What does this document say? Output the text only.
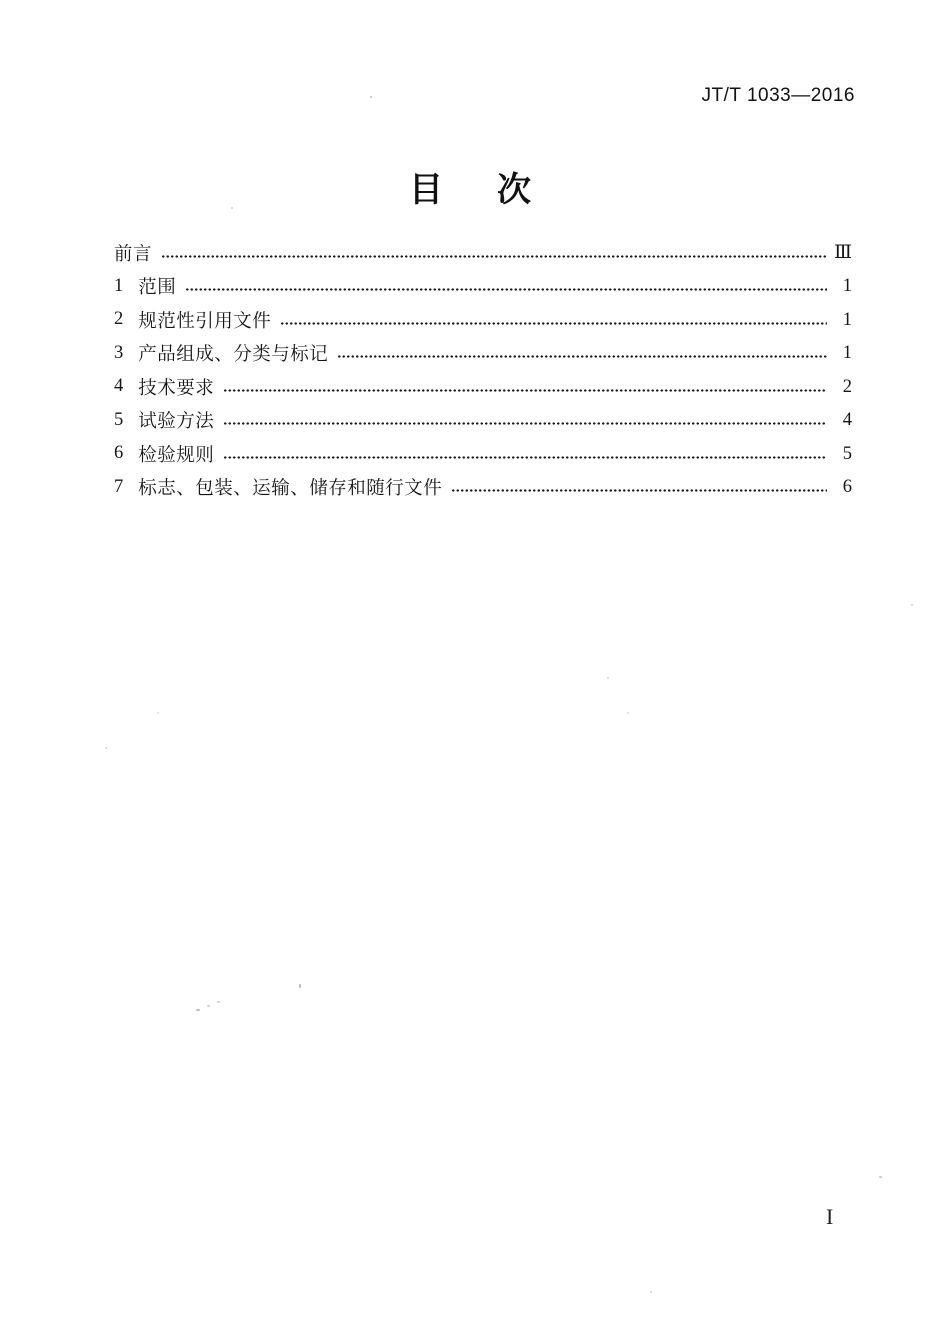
JT/T 1033—2016
目　次
前言	Ⅲ
1 范围	1
2 规范性引用文件	1
3 产品组成、分类与标记	1
4 技术要求	2
5 试验方法	4
6 检验规则	5
7 标志、包装、运输、储存和随行文件	6
I
